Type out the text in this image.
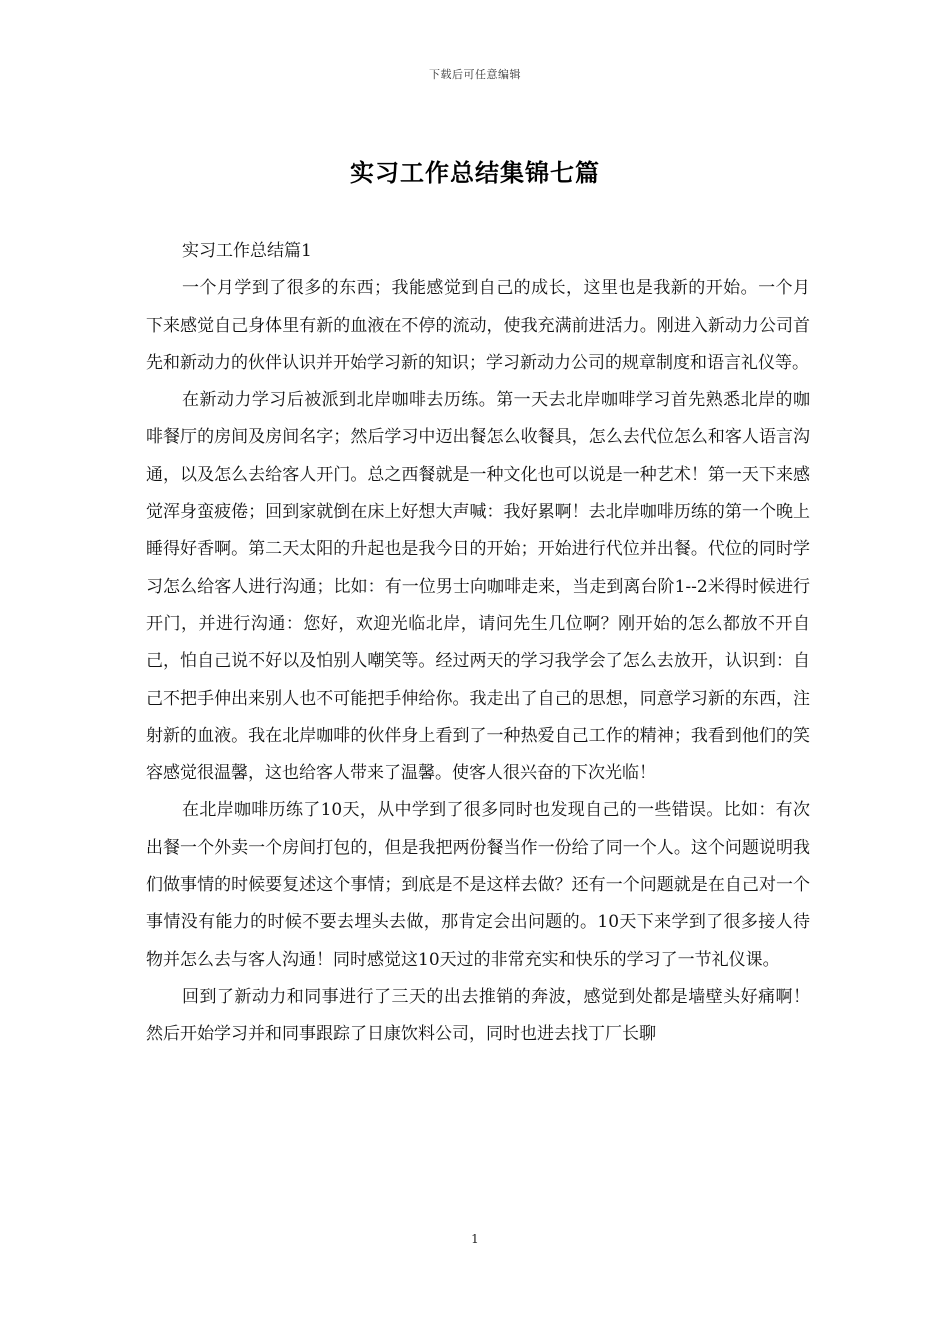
下载后可任意编辑
实习工作总结集锦七篇

实习工作总结篇1

一个月学到了很多的东西；我能感觉到自己的成长，这里也是我新的开始。一个月下来感觉自己身体里有新的血液在不停的流动，使我充满前进活力。刚进入新动力公司首先和新动力的伙伴认识并开始学习新的知识；学习新动力公司的规章制度和语言礼仪等。

在新动力学习后被派到北岸咖啡去历练。第一天去北岸咖啡学习首先熟悉北岸的咖啡餐厅的房间及房间名字；然后学习中迈出餐怎么收餐具，怎么去代位怎么和客人语言沟通，以及怎么去给客人开门。总之西餐就是一种文化也可以说是一种艺术！第一天下来感觉浑身蛮疲倦；回到家就倒在床上好想大声喊：我好累啊！去北岸咖啡历练的第一个晚上睡得好香啊。第二天太阳的升起也是我今日的开始；开始进行代位并出餐。代位的同时学习怎么给客人进行沟通；比如：有一位男士向咖啡走来，当走到离台阶1--2米得时候进行开门，并进行沟通：您好，欢迎光临北岸，请问先生几位啊？刚开始的怎么都放不开自己，怕自己说不好以及怕别人嘲笑等。经过两天的学习我学会了怎么去放开，认识到：自己不把手伸出来别人也不可能把手伸给你。我走出了自己的思想，同意学习新的东西，注射新的血液。我在北岸咖啡的伙伴身上看到了一种热爱自己工作的精神；我看到他们的笑容感觉很温馨，这也给客人带来了温馨。使客人很兴奋的下次光临！

在北岸咖啡历练了10天，从中学到了很多同时也发现自己的一些错误。比如：有次出餐一个外卖一个房间打包的，但是我把两份餐当作一份给了同一个人。这个问题说明我们做事情的时候要复述这个事情；到底是不是这样去做？还有一个问题就是在自己对一个事情没有能力的时候不要去埋头去做，那肯定会出问题的。10天下来学到了很多接人待物并怎么去与客人沟通！同时感觉这10天过的非常充实和快乐的学习了一节礼仪课。

回到了新动力和同事进行了三天的出去推销的奔波，感觉到处都是墙壁头好痛啊！然后开始学习并和同事跟踪了日康饮料公司，同时也进去找丁厂长聊

1
